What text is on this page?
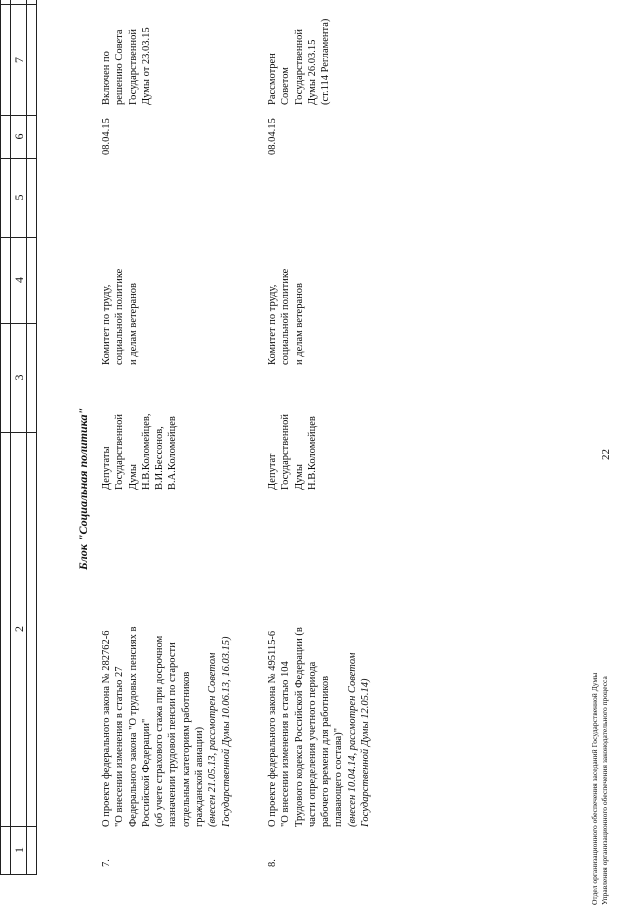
22
1
2
3
4
5
6
7
Блок "Социальная политика"
7.
О проекте федерального закона № 282762-6 "О внесении изменения в статью 27 Федерального закона "О трудовых пенсиях в Российской Федерации" (об учете страхового стажа при досрочном назначении трудовой пенсии по старости отдельным категориям работников гражданской авиации) (внесен 21.05.13, рассмотрен Советом Государственной Думы 10.06.13, 16.03.15)
Депутаты Государственной Думы Н.В.Коломейцев, В.И.Бессонов, В.А.Коломейцев
Комитет по труду, социальной политике и делам ветеранов
08.04.15
Включен по решению Совета Государственной Думы от 23.03.15
8.
О проекте федерального закона № 495115-6 "О внесении изменения в статью 104 Трудового кодекса Российской Федерации (в части определения учетного периода рабочего времени для работников плавающего состава)" (внесен 10.04.14, рассмотрен Советом Государственной Думы 12.05.14)
Депутат Государственной Думы Н.В.Коломейцев
Комитет по труду, социальной политике и делам ветеранов
08.04.15
Рассмотрен Советом Государственной Думы 26.03.15 (ст.114 Регламента)
Отдел организационного обеспечения заседаний Государственной Думы Управления организационного обеспечения законодательного процесса
